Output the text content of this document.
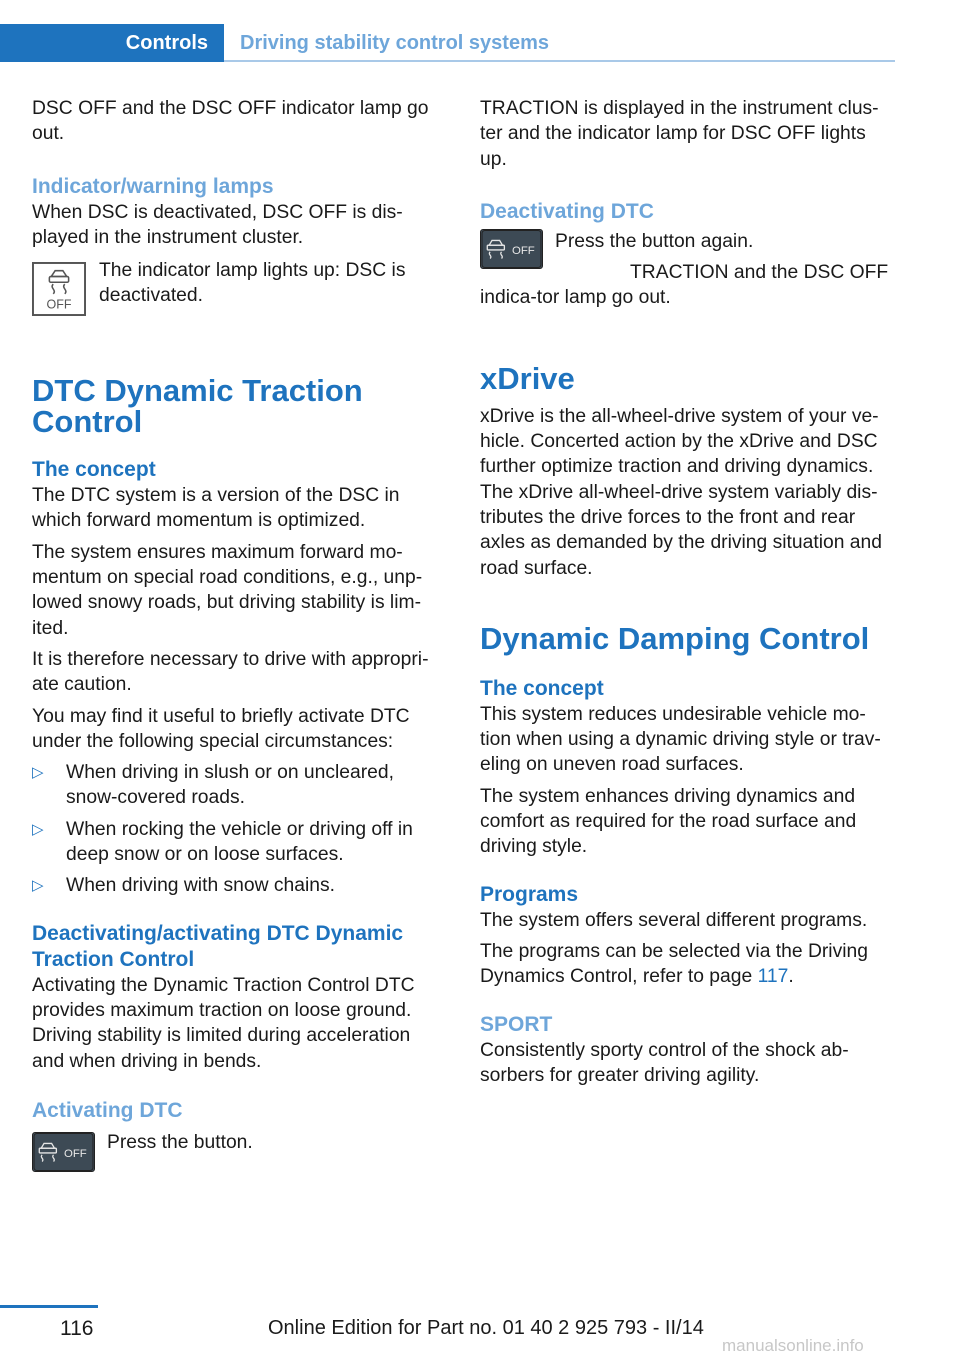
Controls	Driving stability control systems

DSC OFF and the DSC OFF indicator lamp go out.

Indicator/warning lamps

When DSC is deactivated, DSC OFF is dis-played in the instrument cluster.

OFF

The indicator lamp lights up: DSC is deactivated.

DTC Dynamic Traction Control
The concept

The DTC system is a version of the DSC in which forward momentum is optimized.

The system ensures maximum forward mo-mentum on special road conditions, e.g., unp-lowed snowy roads, but driving stability is lim-ited.

It is therefore necessary to drive with appropri-ate caution.

You may find it useful to briefly activate DTC under the following special circumstances:

▷ When driving in slush or on uncleared, snow-covered roads.
▷ When rocking the vehicle or driving off in deep snow or on loose surfaces.
▷ When driving with snow chains.
Deactivating/activating DTC Dynamic Traction Control

Activating the Dynamic Traction Control DTC provides maximum traction on loose ground. Driving stability is limited during acceleration and when driving in bends.

Activating DTC
OFF

Press the button.

TRACTION is displayed in the instrument clus-ter and the indicator lamp for DSC OFF lights up.

Deactivating DTC
OFF Press the button again.

TRACTION and the DSC OFF indica-tor lamp go out.

xDrive

xDrive is the all-wheel-drive system of your ve-hicle. Concerted action by the xDrive and DSC further optimize traction and driving dynamics. The xDrive all-wheel-drive system variably dis-tributes the drive forces to the front and rear axles as demanded by the driving situation and road surface.

Dynamic Damping Control
The concept

This system reduces undesirable vehicle mo-tion when using a dynamic driving style or trav-eling on uneven road surfaces.

The system enhances driving dynamics and comfort as required for the road surface and driving style.

Programs

The system offers several different programs.

The programs can be selected via the Driving Dynamics Control, refer to page 117.

SPORT

Consistently sporty control of the shock ab-sorbers for greater driving agility.

116	Online Edition for Part no. 01 40 2 925 793 - II/14
manualsonline.info
